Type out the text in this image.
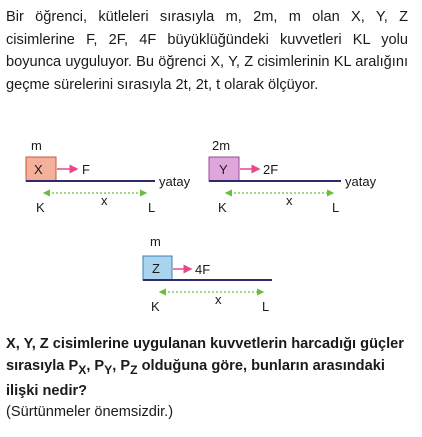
Bir öğrenci, kütleleri sırasıyla m, 2m, m olan X, Y, Z cisimlerine F, 2F, 4F büyüklüğündeki kuvvetleri KL yolu boyunca uyguluyor. Bu öğrenci X, Y, Z cisimlerinin KL aralığını geçme sürelerini sırasıyla 2t, 2t, t olarak ölçüyor.

m
X	F
yatay
x
K	L
2m
Y	2F
yatay
x
K	L
m
Z	4F
x
K	L

X, Y, Z cisimlerine uygulanan kuvvetlerin harcadığı güçler sırasıyla $P_X$, $P_Y$, $P_Z$ olduğuna göre, bunların arasındaki ilişki nedir?

(Sürtünmeler önemsizdir.)
